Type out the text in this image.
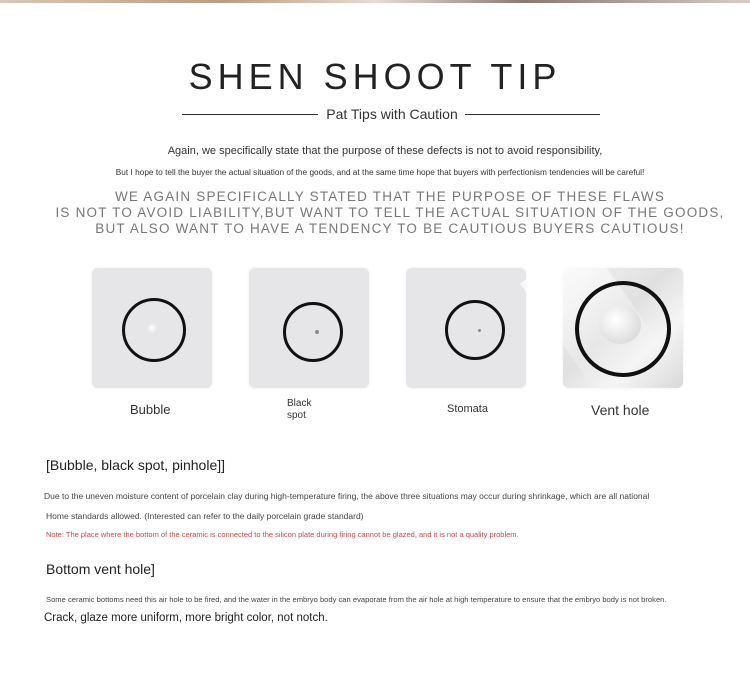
SHEN SHOOT TIP
Pat Tips with Caution
Again, we specifically state that the purpose of these defects is not to avoid responsibility,
But I hope to tell the buyer the actual situation of the goods, and at the same time hope that buyers with perfectionism tendencies will be careful!
WE AGAIN SPECIFICALLY STATED THAT THE PURPOSE OF THESE FLAWS
IS NOT TO AVOID LIABILITY,BUT WANT TO TELL THE ACTUAL SITUATION OF THE GOODS,
BUT ALSO WANT TO HAVE A TENDENCY TO BE CAUTIOUS BUYERS CAUTIOUS!
Bubble	Black
spot
Stomata	Vent hole
[Bubble, black spot, pinhole]]
Due to the uneven moisture content of porcelain clay during high-temperature firing, the above three situations may occur during shrinkage, which are all national
Home standards allowed. (Interested can refer to the daily porcelain grade standard)
Note: The place where the bottom of the ceramic is connected to the silicon plate during firing cannot be glazed, and it is not a quality problem.
Bottom vent hole]
Some ceramic bottoms need this air hole to be fired, and the water in the embryo body can evaporate from the air hole at high temperature to ensure that the embryo body is not broken.
Crack, glaze more uniform, more bright color, not notch.
